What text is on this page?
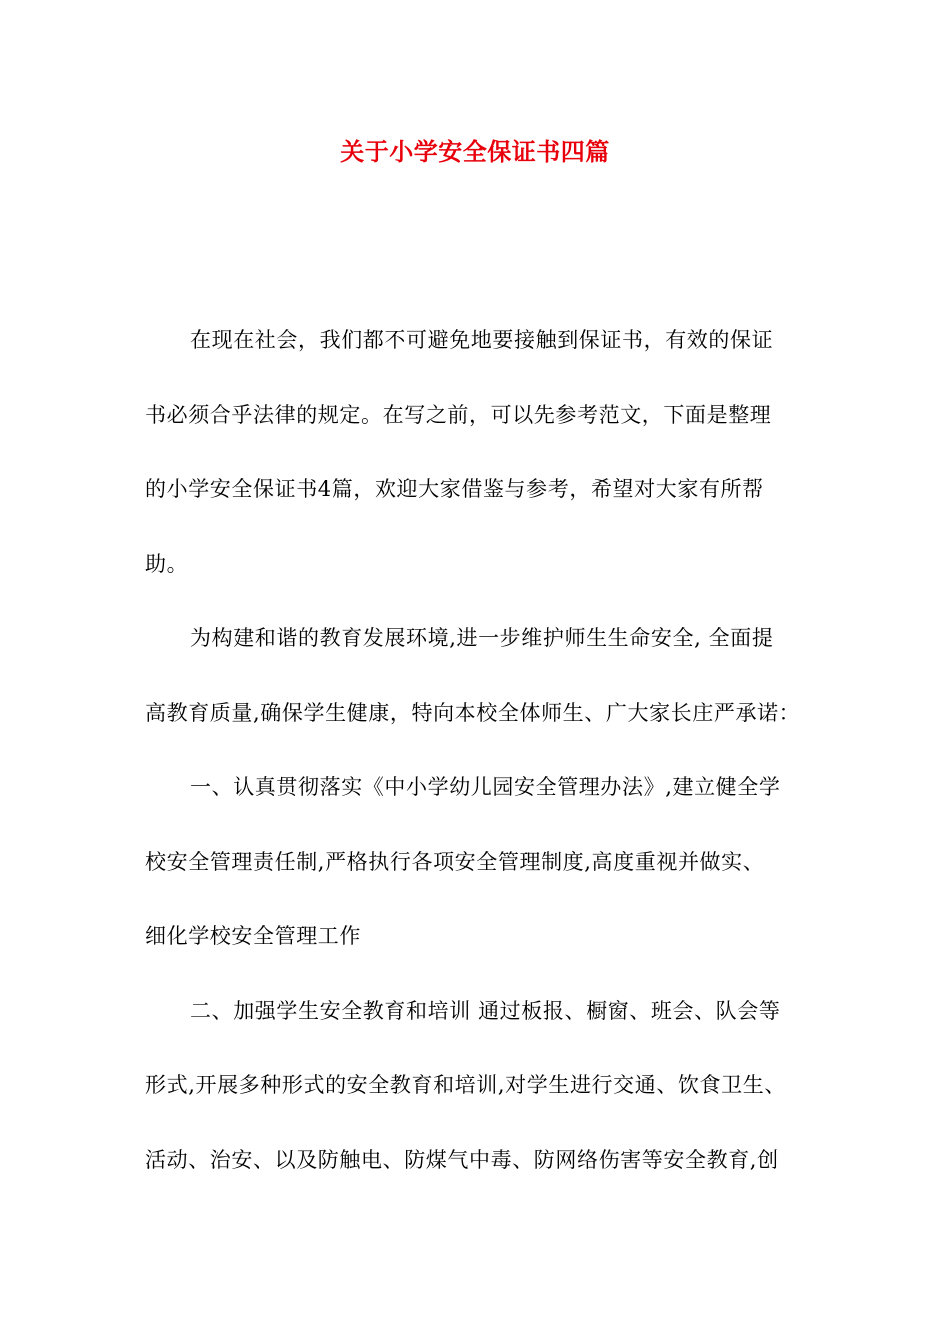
关于小学安全保证书四篇
在现在社会，我们都不可避免地要接触到保证书，有效的保证
书必须合乎法律的规定。在写之前，可以先参考范文，下面是整理
的小学安全保证书4篇，欢迎大家借鉴与参考，希望对大家有所帮
助。
为构建和谐的教育发展环境,进一步维护师生生命安全, 全面提
高教育质量,确保学生健康，特向本校全体师生、广大家长庄严承诺：
一、认真贯彻落实《中小学幼儿园安全管理办法》,建立健全学
校安全管理责任制,严格执行各项安全管理制度,高度重视并做实、
细化学校安全管理工作
二、加强学生安全教育和培训 通过板报、橱窗、班会、队会等
形式,开展多种形式的安全教育和培训,对学生进行交通、饮食卫生、
活动、治安、以及防触电、防煤气中毒、防网络伤害等安全教育,创
